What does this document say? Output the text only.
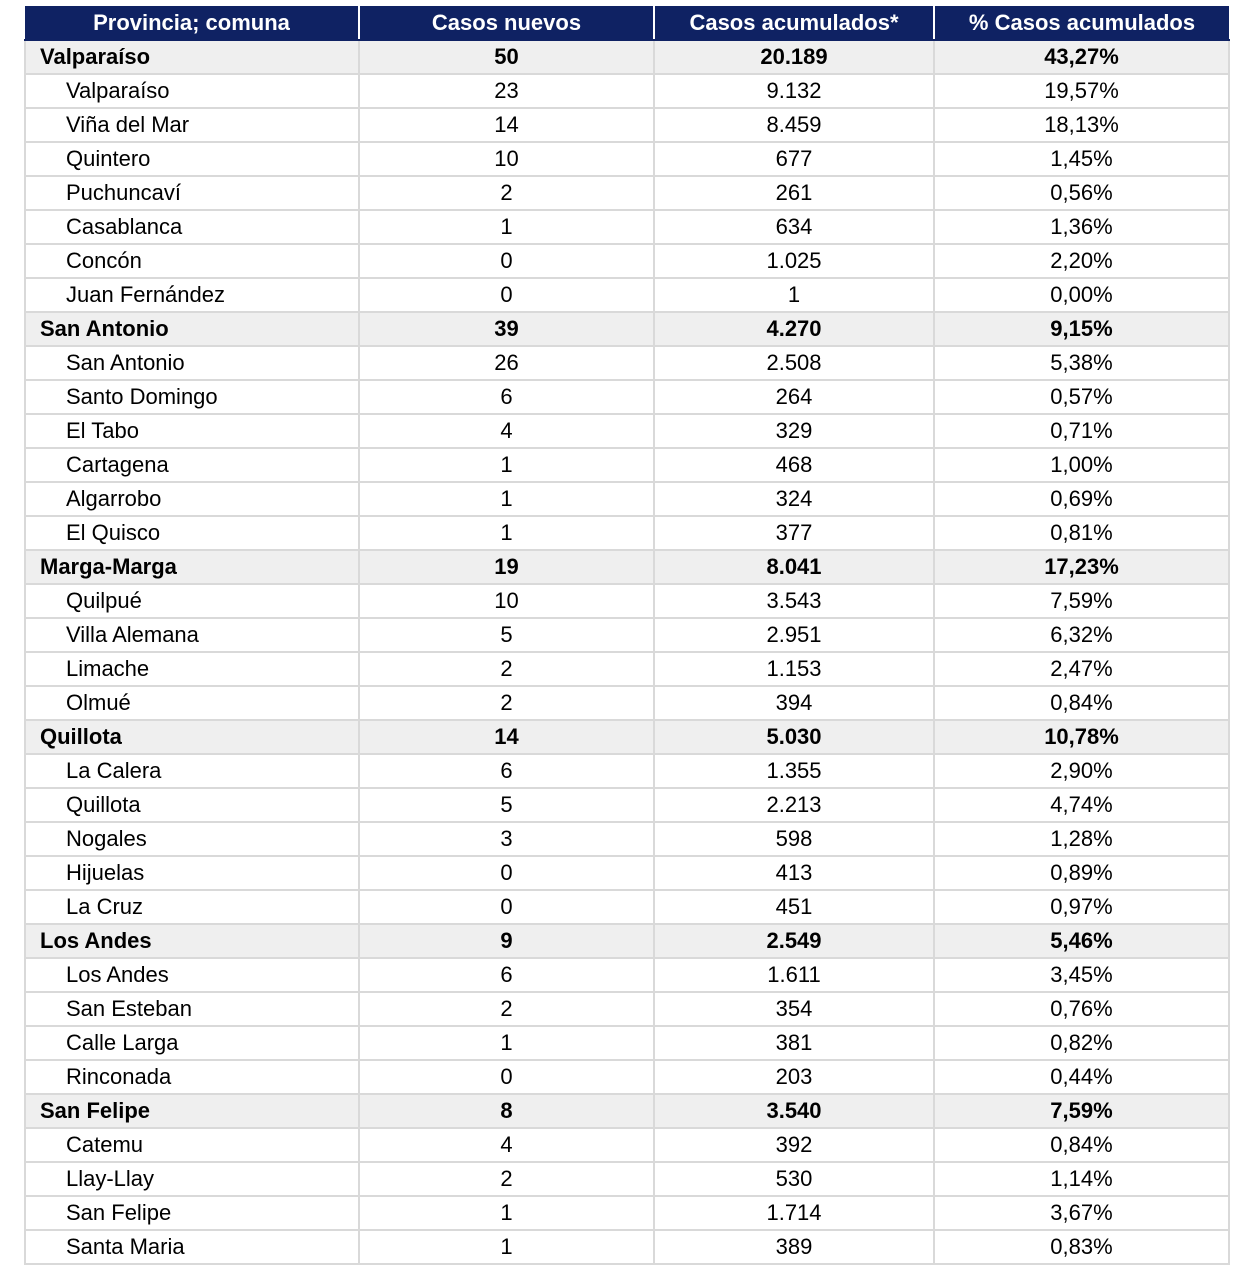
Provincia; comuna	Casos nuevos	Casos acumulados*	% Casos acumulados
Valparaíso	50	20.189	43,27%
Valparaíso	23	9.132	19,57%
Viña del Mar	14	8.459	18,13%
Quintero	10	677	1,45%
Puchuncaví	2	261	0,56%
Casablanca	1	634	1,36%
Concón	0	1.025	2,20%
Juan Fernández	0	1	0,00%
San Antonio	39	4.270	9,15%
San Antonio	26	2.508	5,38%
Santo Domingo	6	264	0,57%
El Tabo	4	329	0,71%
Cartagena	1	468	1,00%
Algarrobo	1	324	0,69%
El Quisco	1	377	0,81%
Marga-Marga	19	8.041	17,23%
Quilpué	10	3.543	7,59%
Villa Alemana	5	2.951	6,32%
Limache	2	1.153	2,47%
Olmué	2	394	0,84%
Quillota	14	5.030	10,78%
La Calera	6	1.355	2,90%
Quillota	5	2.213	4,74%
Nogales	3	598	1,28%
Hijuelas	0	413	0,89%
La Cruz	0	451	0,97%
Los Andes	9	2.549	5,46%
Los Andes	6	1.611	3,45%
San Esteban	2	354	0,76%
Calle Larga	1	381	0,82%
Rinconada	0	203	0,44%
San Felipe	8	3.540	7,59%
Catemu	4	392	0,84%
Llay-Llay	2	530	1,14%
San Felipe	1	1.714	3,67%
Santa Maria	1	389	0,83%
